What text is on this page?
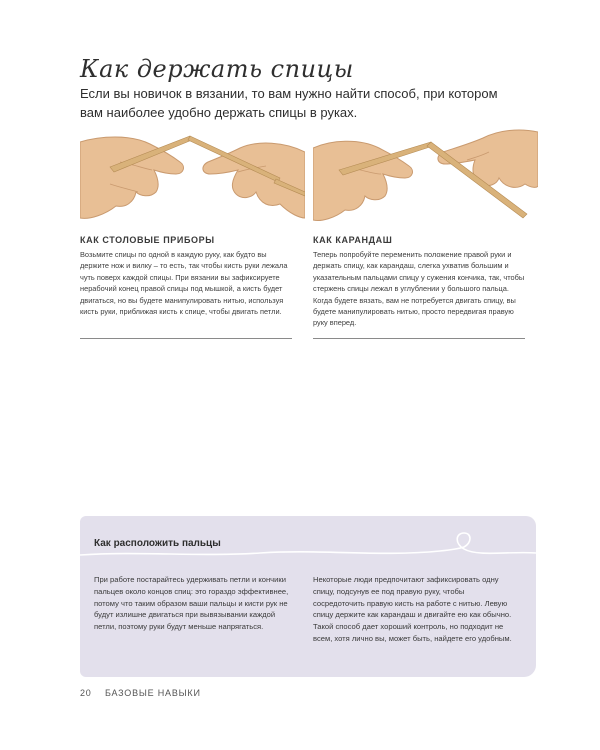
Как держать спицы
Если вы новичок в вязании, то вам нужно найти способ, при котором вам наиболее удобно держать спицы в руках.
КАК СТОЛОВЫЕ ПРИБОРЫ	КАК КАРАНДАШ
Возьмите спицы по одной в каждую руку, как будто вы держите нож и вилку – то есть, так чтобы кисть руки лежала чуть поверх каждой спицы. При вязании вы зафиксируете нерабочий конец правой спицы под мышкой, а кисть будет двигаться, но вы будете манипулировать нитью, используя кисть руки, приближая кисть к спице, чтобы двигать петли.
Теперь попробуйте переменить положение правой руки и держать спицу, как карандаш, слегка ухватив большим и указательным пальцами спицу у сужения кончика, так, чтобы стержень спицы лежал в углублении у большого пальца. Когда будете вязать, вам не потребуется двигать спицу, вы будете манипулировать нитью, просто передвигая правую руку вперед.
Как расположить пальцы
При работе постарайтесь удерживать петли и кончики пальцев около концов спиц: это гораздо эффективнее, потому что таким образом ваши пальцы и кисти рук не будут излишне двигаться при вывязывании каждой петли, поэтому руки будут меньше напрягаться.
Некоторые люди предпочитают зафиксировать одну спицу, подсунув ее под правую руку, чтобы сосредоточить правую кисть на работе с нитью. Левую спицу держите как карандаш и двигайте ею как обычно. Такой способ дает хороший контроль, но подходит не всем, хотя лично вы, может быть, найдете его удобным.
20 БАЗОВЫЕ НАВЫКИ
